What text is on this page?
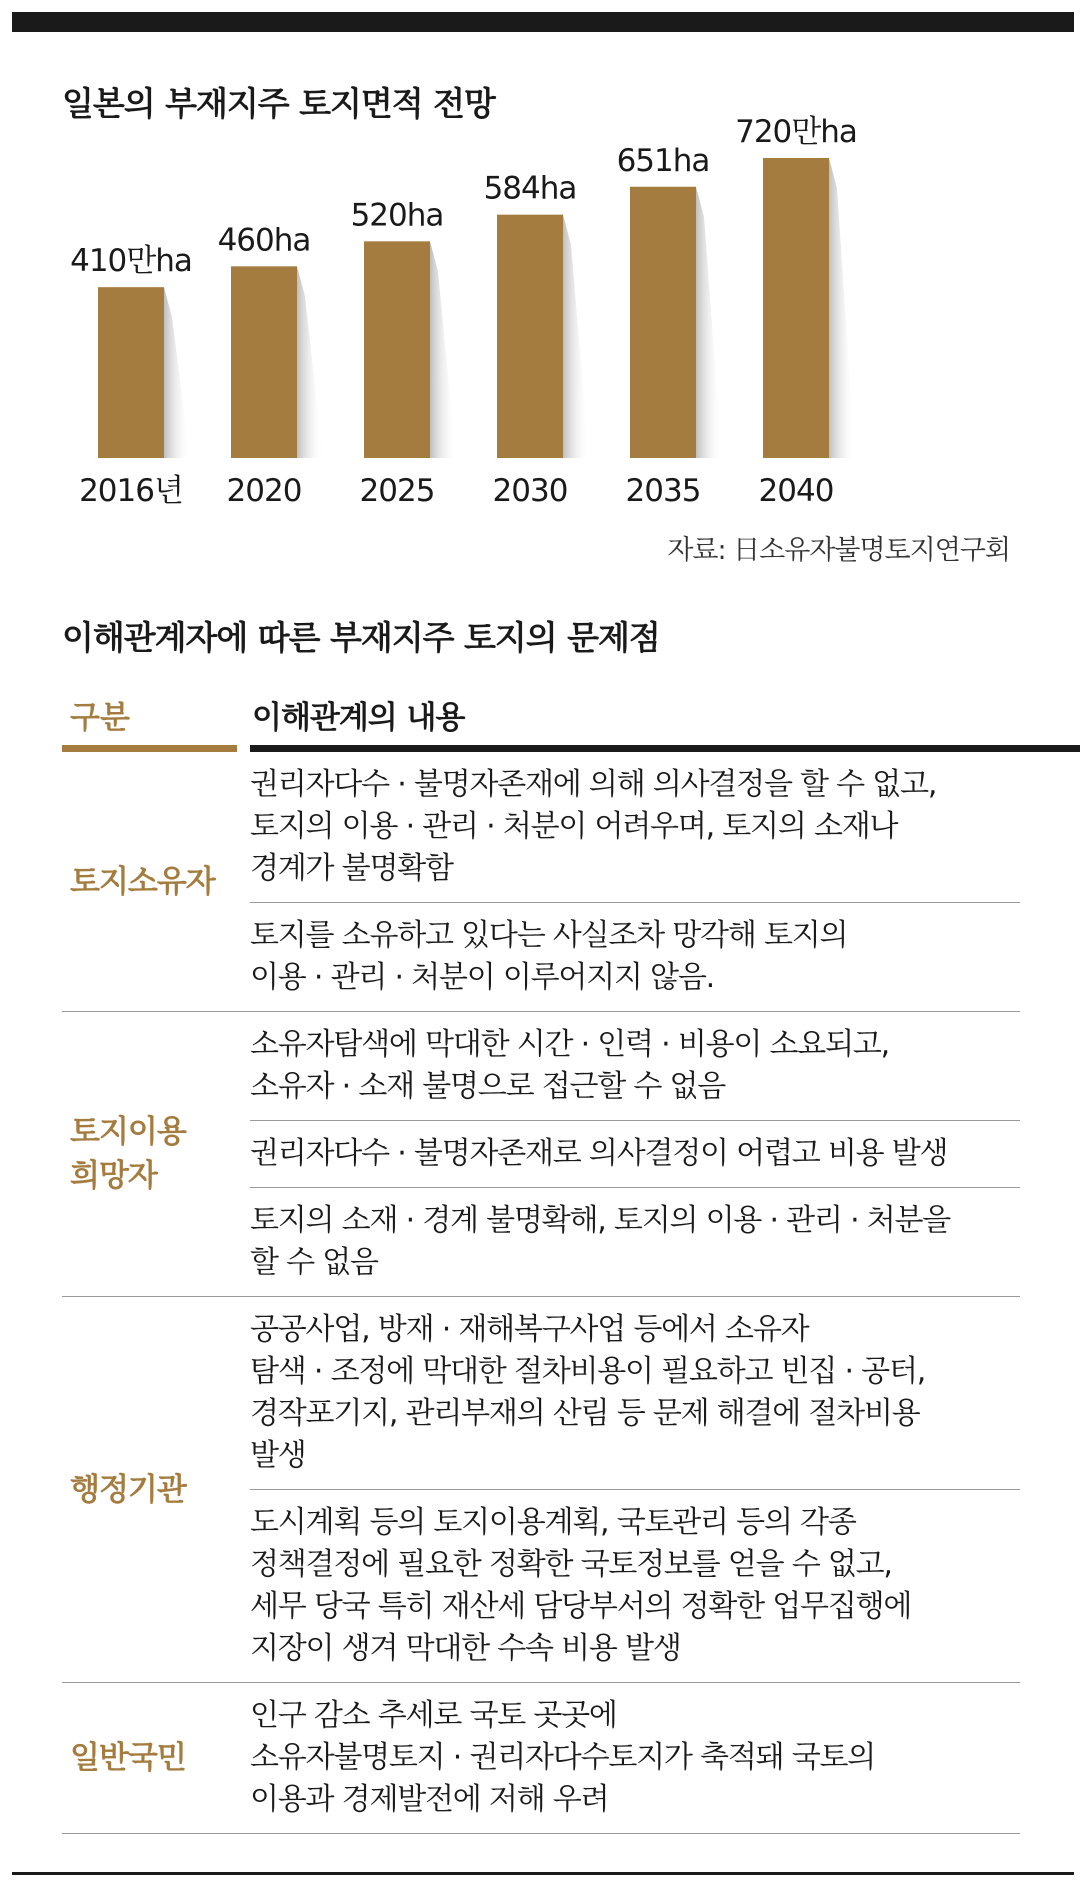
일본의 부재지주 토지면적 전망
410만ha
2016년
460ha
2020
520ha
2025
584ha
2030
651ha
2035
720만ha
2040
자료: 日소유자불명토지연구회
이해관계자에 따른 부재지주 토지의 문제점
구분	이해관계의 내용
토지소유자
권리자다수 · 불명자존재에 의해 의사결정을 할 수 없고,
토지의 이용 · 관리 · 처분이 어려우며, 토지의 소재나
경계가 불명확함
토지를 소유하고 있다는 사실조차 망각해 토지의
이용 · 관리 · 처분이 이루어지지 않음.
토지이용
희망자
소유자탐색에 막대한 시간 · 인력 · 비용이 소요되고,
소유자 · 소재 불명으로 접근할 수 없음
권리자다수 · 불명자존재로 의사결정이 어렵고 비용 발생
토지의 소재 · 경계 불명확해, 토지의 이용 · 관리 · 처분을
할 수 없음
행정기관
공공사업, 방재 · 재해복구사업 등에서 소유자
탐색 · 조정에 막대한 절차비용이 필요하고 빈집 · 공터,
경작포기지, 관리부재의 산림 등 문제 해결에 절차비용
발생
도시계획 등의 토지이용계획, 국토관리 등의 각종
정책결정에 필요한 정확한 국토정보를 얻을 수 없고,
세무 당국 특히 재산세 담당부서의 정확한 업무집행에
지장이 생겨 막대한 수속 비용 발생
일반국민
인구 감소 추세로 국토 곳곳에
소유자불명토지 · 권리자다수토지가 축적돼 국토의
이용과 경제발전에 저해 우려
